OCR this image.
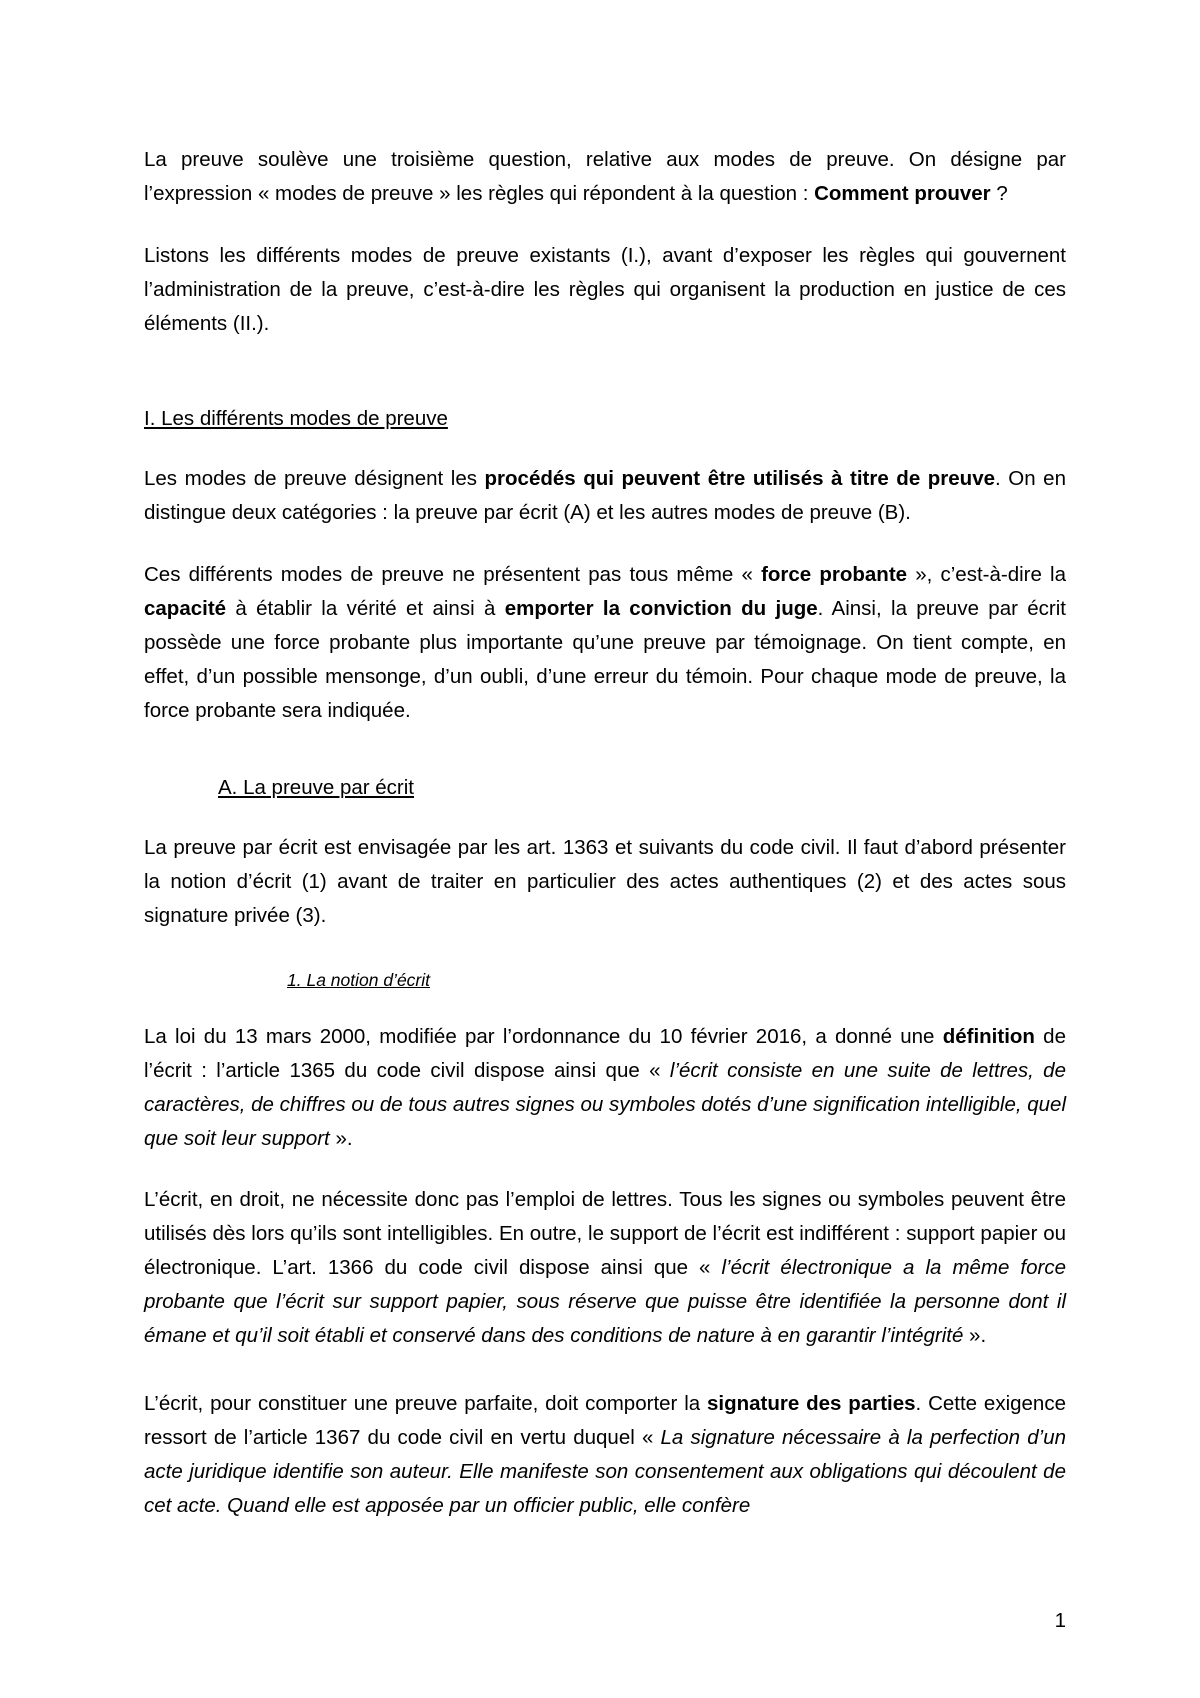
La preuve soulève une troisième question, relative aux modes de preuve. On désigne par l’expression « modes de preuve » les règles qui répondent à la question : Comment prouver ?

Listons les différents modes de preuve existants (I.), avant d’exposer les règles qui gouvernent l’administration de la preuve, c’est-à-dire les règles qui organisent la production en justice de ces éléments (II.).

I. Les différents modes de preuve

Les modes de preuve désignent les procédés qui peuvent être utilisés à titre de preuve. On en distingue deux catégories : la preuve par écrit (A) et les autres modes de preuve (B).

Ces différents modes de preuve ne présentent pas tous même « force probante », c’est-à-dire la capacité à établir la vérité et ainsi à emporter la conviction du juge. Ainsi, la preuve par écrit possède une force probante plus importante qu’une preuve par témoignage. On tient compte, en effet, d’un possible mensonge, d’un oubli, d’une erreur du témoin. Pour chaque mode de preuve, la force probante sera indiquée.

A. La preuve par écrit

La preuve par écrit est envisagée par les art. 1363 et suivants du code civil. Il faut d’abord présenter la notion d’écrit (1) avant de traiter en particulier des actes authentiques (2) et des actes sous signature privée (3).

1. La notion d’écrit

La loi du 13 mars 2000, modifiée par l’ordonnance du 10 février 2016, a donné une définition de l’écrit : l’article 1365 du code civil dispose ainsi que « l’écrit consiste en une suite de lettres, de caractères, de chiffres ou de tous autres signes ou symboles dotés d’une signification intelligible, quel que soit leur support ».

L’écrit, en droit, ne nécessite donc pas l’emploi de lettres. Tous les signes ou symboles peuvent être utilisés dès lors qu’ils sont intelligibles. En outre, le support de l’écrit est indifférent : support papier ou électronique. L’art. 1366 du code civil dispose ainsi que « l’écrit électronique a la même force probante que l’écrit sur support papier, sous réserve que puisse être identifiée la personne dont il émane et qu’il soit établi et conservé dans des conditions de nature à en garantir l’intégrité ».

L’écrit, pour constituer une preuve parfaite, doit comporter la signature des parties. Cette exigence ressort de l’article 1367 du code civil en vertu duquel « La signature nécessaire à la perfection d’un acte juridique identifie son auteur. Elle manifeste son consentement aux obligations qui découlent de cet acte. Quand elle est apposée par un officier public, elle confère

1
